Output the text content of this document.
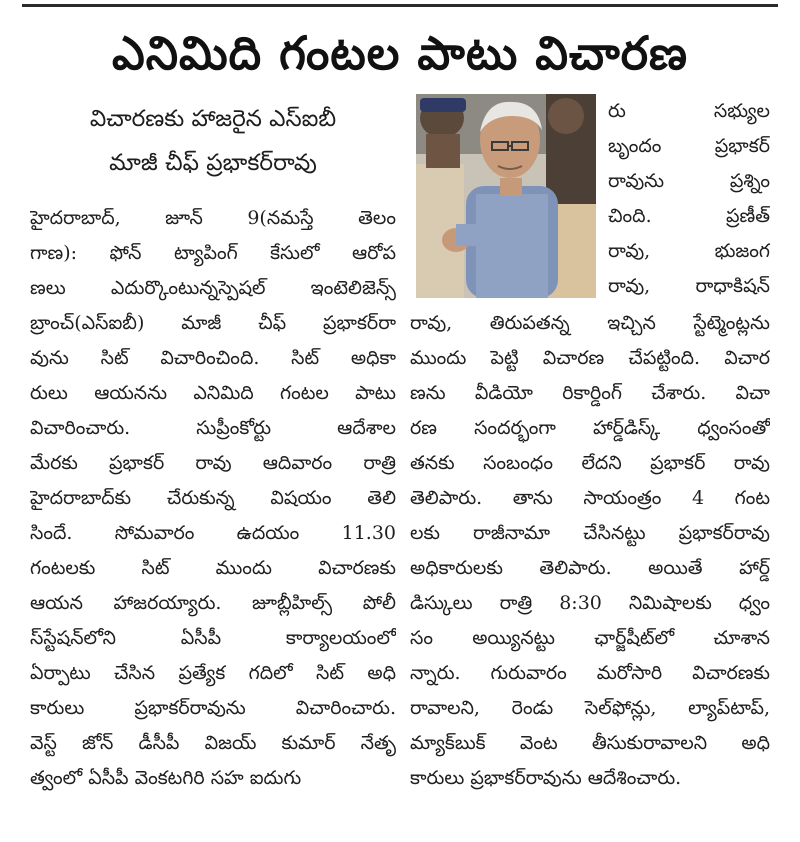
ఎనిమిది గంటల పాటు విచారణ
విచారణకు హాజరైన ఎస్ఐబీ
మాజీ చీఫ్ ప్రభాకర్‌రావు
హైదరాబాద్, జూన్ 9(నమస్తే తెలం
గాణ): ఫోన్ ట్యాపింగ్ కేసులో ఆరోప
ణలు ఎదుర్కొంటున్నస్పెషల్ ఇంటెలిజెన్స్
బ్రాంచ్(ఎస్ఐబీ) మాజీ చీఫ్ ప్రభాకర్‌రా
వును సిట్ విచారించింది. సిట్ అధికా
రులు ఆయనను ఎనిమిది గంటల పాటు
విచారించారు. సుప్రీంకోర్టు ఆదేశాల
మేరకు ప్రభాకర్ రావు ఆదివారం రాత్రి
హైదరాబాద్‌కు చేరుకున్న విషయం తెలి
సిందే. సోమవారం ఉదయం 11.30
గంటలకు సిట్ ముందు విచారణకు
ఆయన హాజరయ్యారు. జూబ్లీహిల్స్ పోలీ
స్‌స్టేషన్‌లోని ఏసీపీ కార్యాలయంలో
ఏర్పాటు చేసిన ప్రత్యేక గదిలో సిట్ అధి
కారులు ప్రభాకర్‌రావును విచారించారు.
వెస్ట్ జోన్ డీసీపీ విజయ్ కుమార్ నేతృ
త్వంలో ఏసీపీ వెంకటగిరి సహ ఐదుగు
రు సభ్యుల
బృందం ప్రభాకర్
రావును ప్రశ్నిం
చింది. ప్రణీత్
రావు, భుజంగ
రావు, రాధాకిషన్
రావు, తిరుపతన్న ఇచ్చిన స్టేట్మెంట్లను
ముందు పెట్టి విచారణ చేపట్టింది. విచార
ణను వీడియో రికార్డింగ్ చేశారు. విచా
రణ సందర్భంగా హార్డ్‌డిస్క్ ధ్వంసంతో
తనకు సంబంధం లేదని ప్రభాకర్ రావు
తెలిపారు. తాను సాయంత్రం 4 గంట
లకు రాజీనామా చేసినట్టు ప్రభాకర్‌రావు
అధికారులకు తెలిపారు. అయితే హార్డ్
డిస్కులు రాత్రి 8:30 నిమిషాలకు ధ్వం
సం అయ్యినట్టు ఛార్జ్‌షీట్‌లో చూశాన
న్నారు. గురువారం మరోసారి విచారణకు
రావాలని, రెండు సెల్‌ఫోన్లు, ల్యాప్‌టాప్,
మ్యాక్‌బుక్ వెంట తీసుకురావాలని అధి
కారులు ప్రభాకర్‌రావును ఆదేశించారు.
